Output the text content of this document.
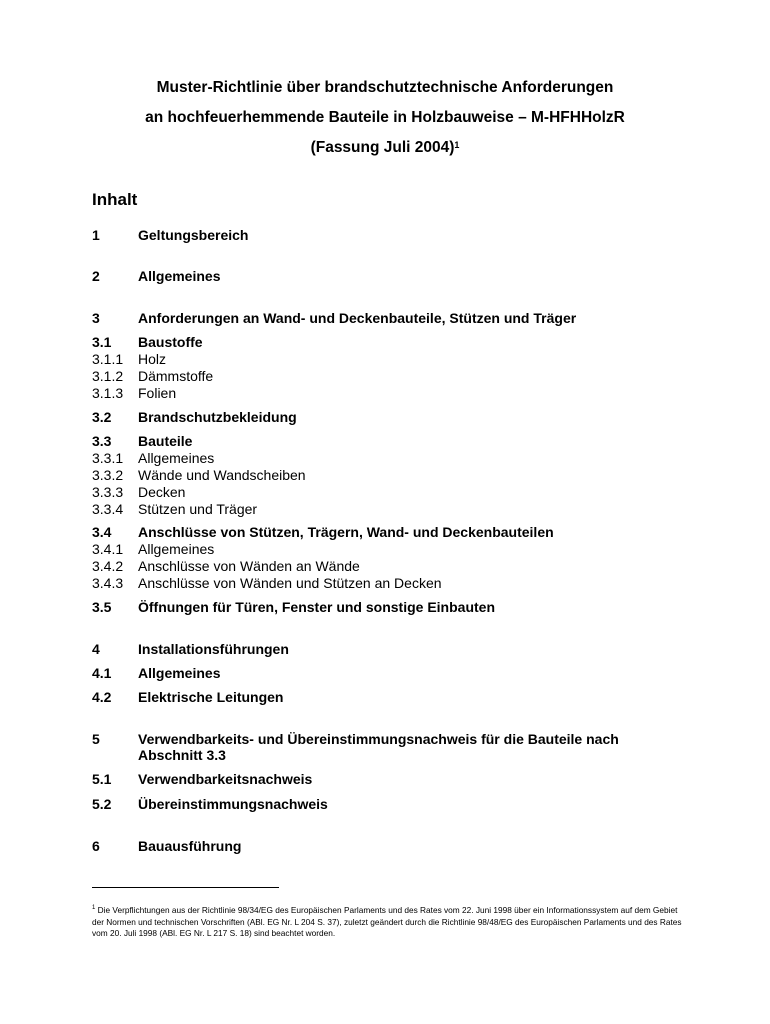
Muster-Richtlinie über brandschutztechnische Anforderungen
an hochfeuerhemmende Bauteile in Holzbauweise – M-HFHHolzR
(Fassung Juli 2004)$^1$
Inhalt
1	Geltungsbereich
2	Allgemeines
3	Anforderungen an Wand- und Deckenbauteile, Stützen und Träger
3.1 Baustoffe
3.1.1 Holz
3.1.2 Dämmstoffe
3.1.3 Folien
3.2 Brandschutzbekleidung
3.3 Bauteile
3.3.1 Allgemeines
3.3.2 Wände und Wandscheiben
3.3.3 Decken
3.3.4 Stützen und Träger
3.4 Anschlüsse von Stützen, Trägern, Wand- und Deckenbauteilen
3.4.1 Allgemeines
3.4.2 Anschlüsse von Wänden an Wände
3.4.3 Anschlüsse von Wänden und Stützen an Decken
3.5 Öffnungen für Türen, Fenster und sonstige Einbauten
4	Installationsführungen
4.1 Allgemeines
4.2 Elektrische Leitungen
5	Verwendbarkeits- und Übereinstimmungsnachweis für die Bauteile nach
Abschnitt 3.3
5.1 Verwendbarkeitsnachweis
5.2 Übereinstimmungsnachweis
6	Bauausführung
$^1$ Die Verpflichtungen aus der Richtlinie 98/34/EG des Europäischen Parlaments und des Rates vom 22. Juni 1998 über ein Informationssystem auf dem Gebiet der Normen und technischen Vorschriften (ABl. EG Nr. L 204 S. 37), zuletzt geändert durch die Richtlinie 98/48/EG des Europäischen Parlaments und des Rates vom 20. Juli 1998 (ABl. EG Nr. L 217 S. 18) sind beachtet worden.
